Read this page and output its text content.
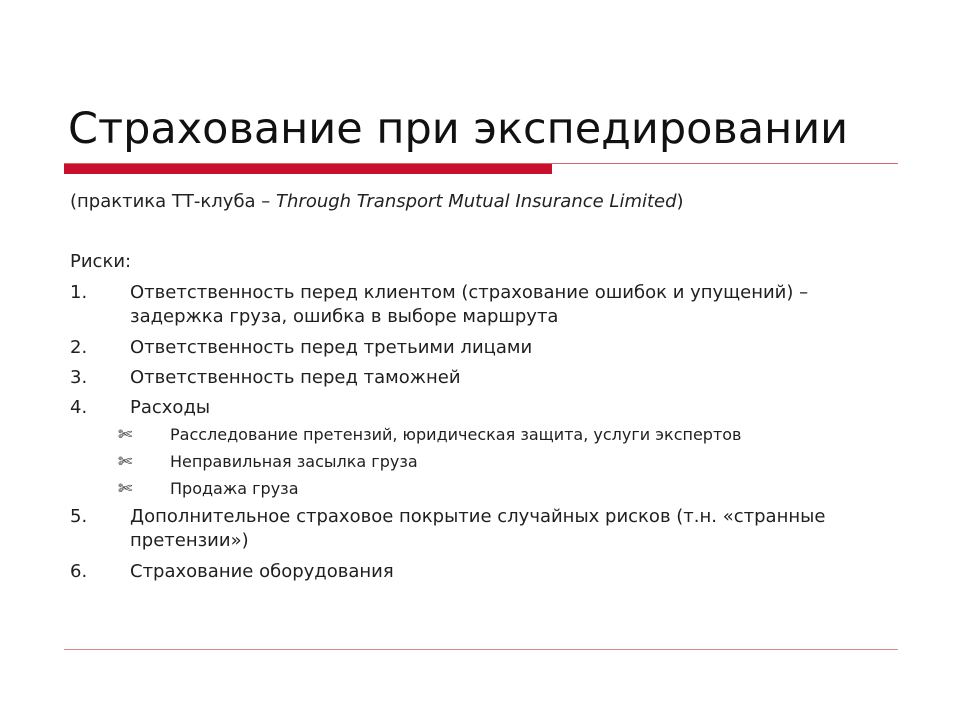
Страхование при экспедировании
(практика ТТ-клуба – Through Transport Mutual Insurance Limited)
Риски:
1.	Ответственность перед клиентом (страхование ошибок и упущений) – задержка груза, ошибка в выборе маршрута
2.	Ответственность перед третьими лицами
3.	Ответственность перед таможней
4.	Расходы
✄	Расследование претензий, юридическая защита, услуги экспертов
✄	Неправильная засылка груза
✄	Продажа груза
5.	Дополнительное страховое покрытие случайных рисков (т.н. «странные претензии»)
6.	Страхование оборудования
